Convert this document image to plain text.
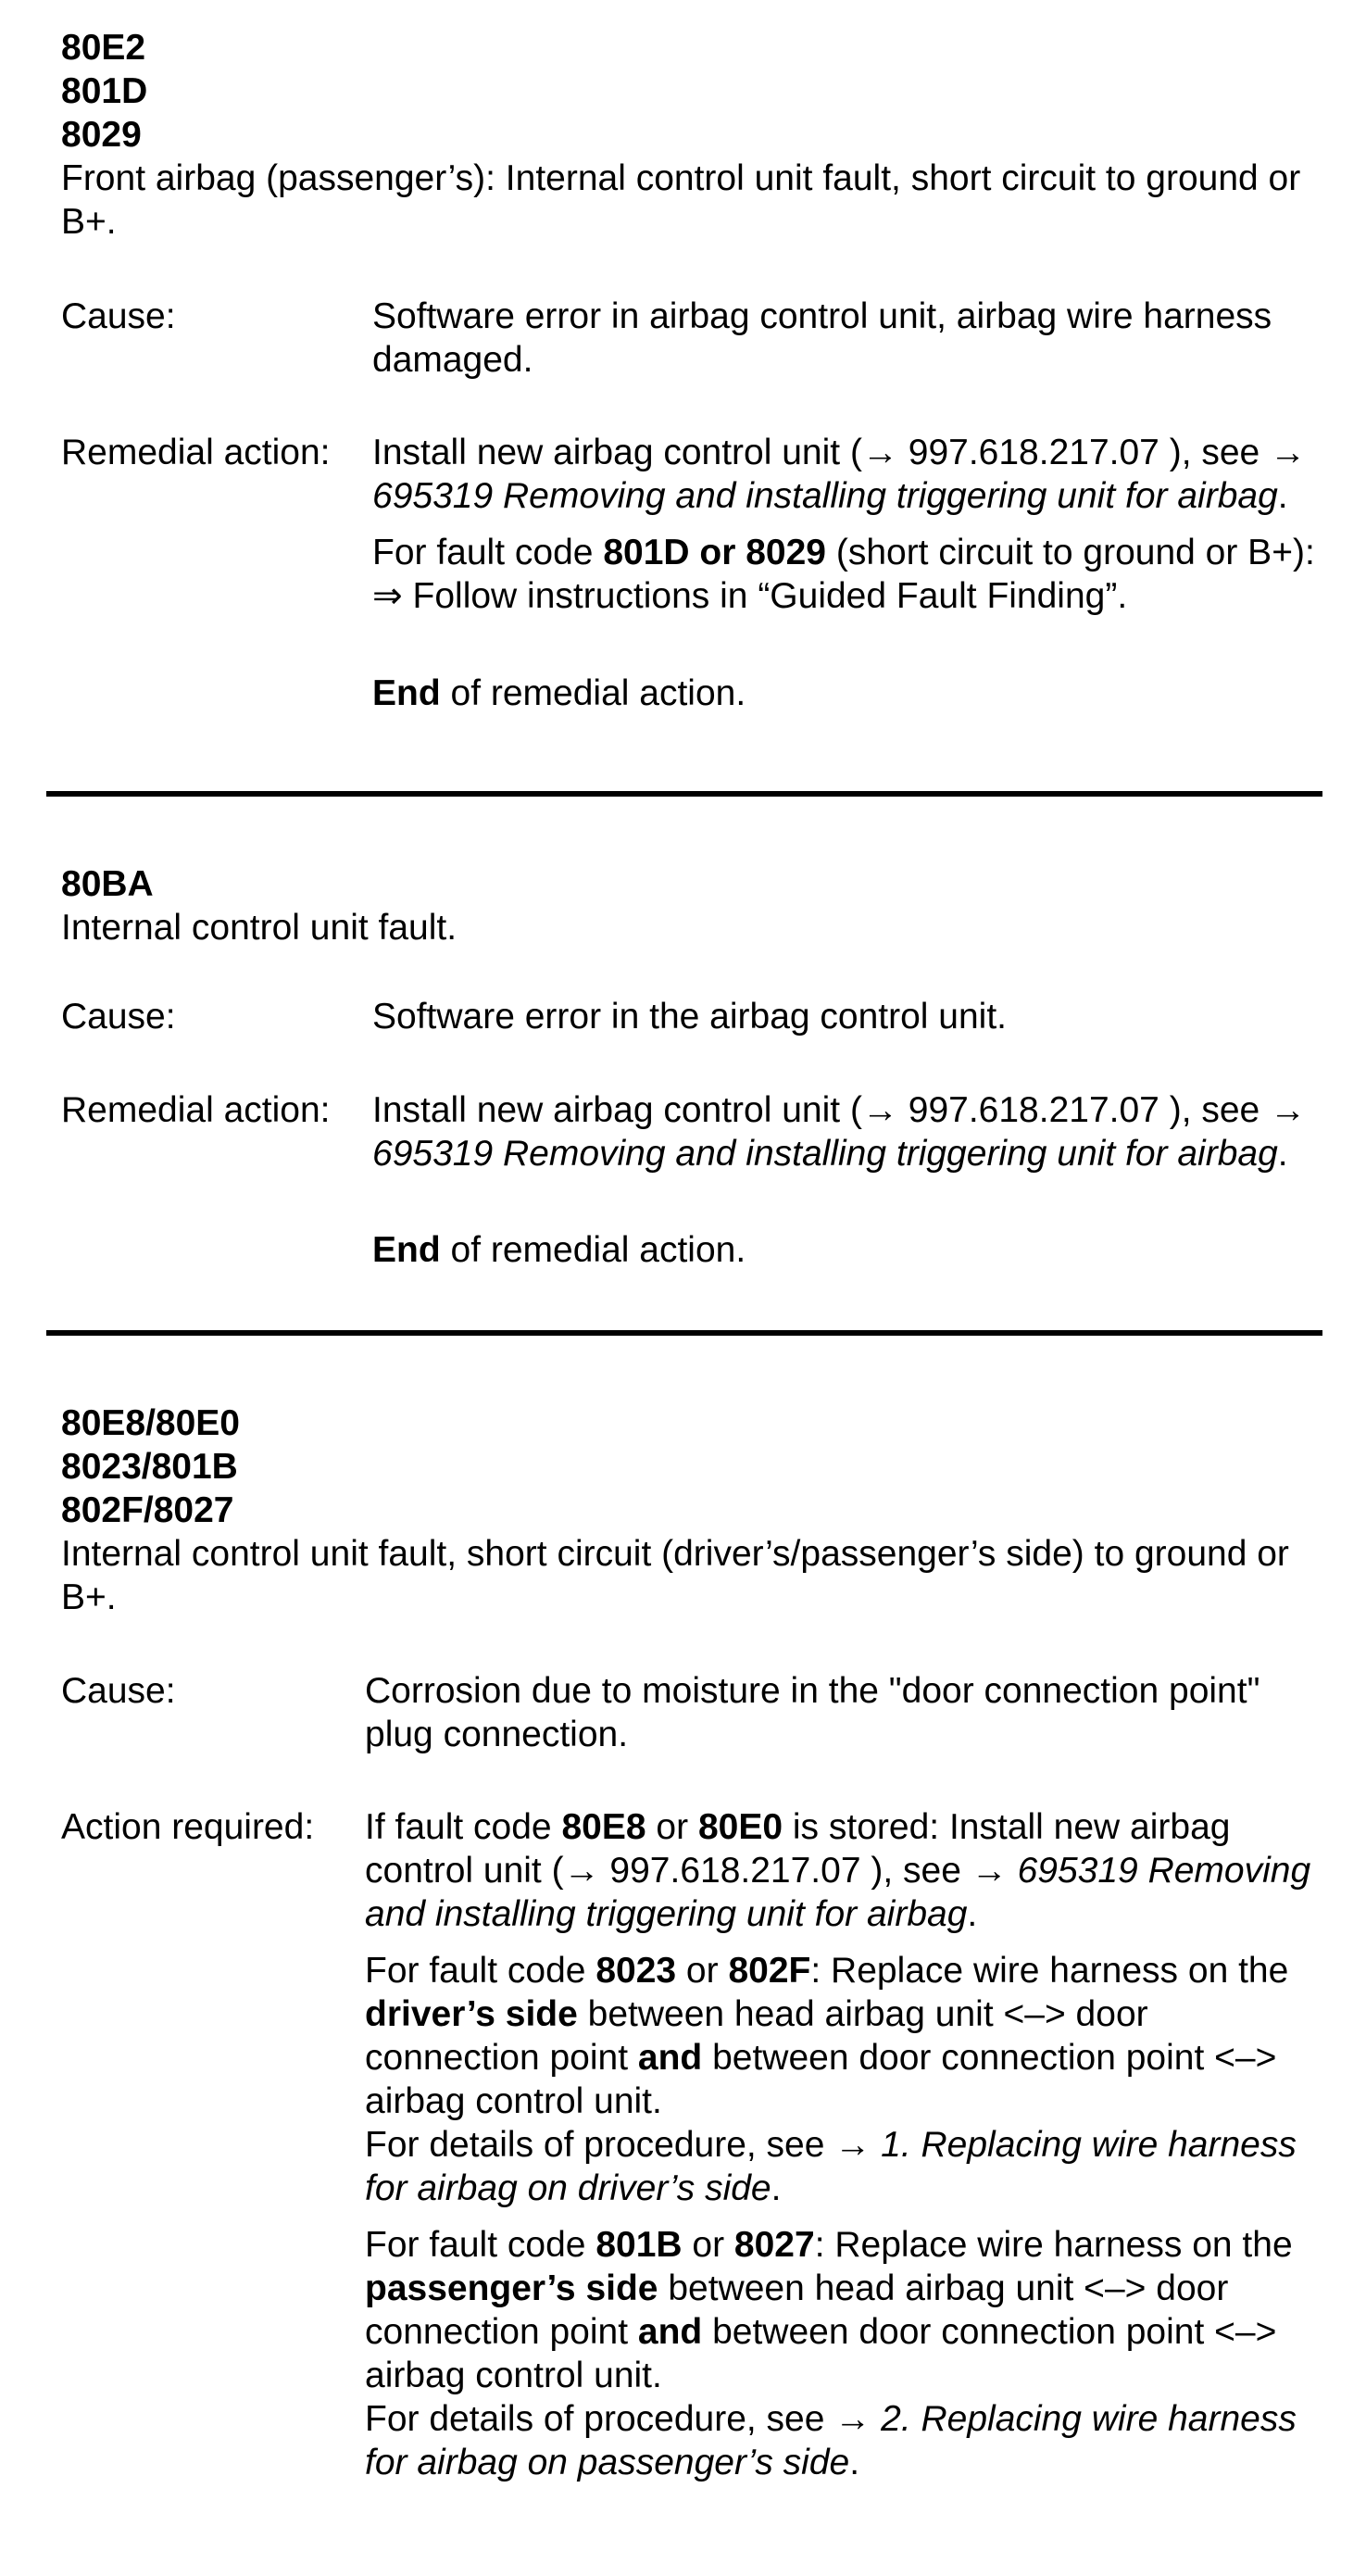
80E2
801D
8029
Front airbag (passenger’s): Internal control unit fault, short circuit to ground or B+.
Cause:	Software error in airbag control unit, airbag wire harness damaged.
Remedial action:	Install new airbag control unit (→ 997.618.217.07 ), see → 695319 Removing and installing triggering unit for airbag.
For fault code 801D or 8029 (short circuit to ground or B+): ⇒ Follow instructions in “Guided Fault Finding”.
End of remedial action.
80BA
Internal control unit fault.
Cause:	Software error in the airbag control unit.
Remedial action:	Install new airbag control unit (→ 997.618.217.07 ), see → 695319 Removing and installing triggering unit for airbag.
End of remedial action.
80E8/80E0
8023/801B
802F/8027
Internal control unit fault, short circuit (driver’s/passenger’s side) to ground or B+.
Cause:	Corrosion due to moisture in the "door connection point" plug connection.
Action required:	If fault code 80E8 or 80E0 is stored: Install new airbag control unit (→ 997.618.217.07 ), see → 695319 Removing and installing triggering unit for airbag.
For fault code 8023 or 802F: Replace wire harness on the driver’s side between head airbag unit <–> door connection point and between door connection point <–> airbag control unit.
For details of procedure, see → 1. Replacing wire harness for airbag on driver’s side.
For fault code 801B or 8027: Replace wire harness on the passenger’s side between head airbag unit <–> door connection point and between door connection point <–> airbag control unit.
For details of procedure, see → 2. Replacing wire harness for airbag on passenger’s side.
